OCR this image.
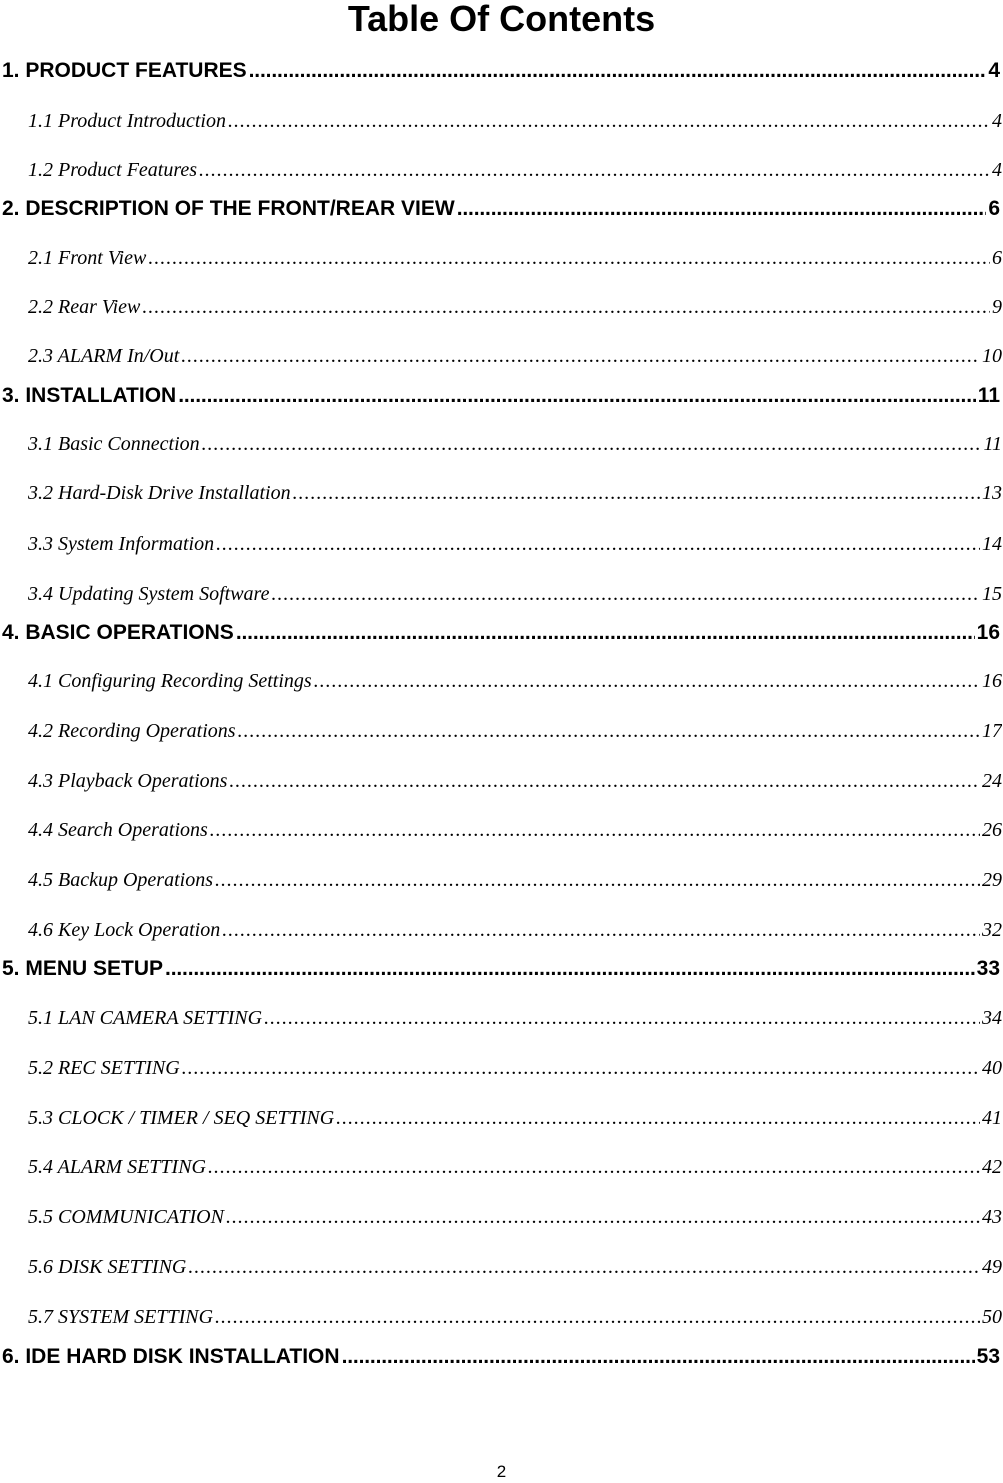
Table Of Contents
1. PRODUCT FEATURES . . .	4
1.1 Product Introduction . . .	4
1.2 Product Features . . .	4
2. DESCRIPTION OF THE FRONT/REAR VIEW . . .	6
2.1 Front View . . .	6
2.2 Rear View . . .	9
2.3 ALARM In/Out . . .	10
3. INSTALLATION . . .	11
3.1 Basic Connection . . .	11
3.2 Hard-Disk Drive Installation . . .	13
3.3 System Information . . .	14
3.4 Updating System Software . . .	15
4. BASIC OPERATIONS . . .	16
4.1 Configuring Recording Settings . . .	16
4.2 Recording Operations . . .	17
4.3 Playback Operations . . .	24
4.4 Search Operations . . .	26
4.5 Backup Operations . . .	29
4.6 Key Lock Operation . . .	32
5. MENU SETUP . . .	33
5.1 LAN CAMERA SETTING . . .	34
5.2 REC SETTING . . .	40
5.3 CLOCK / TIMER / SEQ SETTING . . .	41
5.4 ALARM SETTING . . .	42
5.5 COMMUNICATION . . .	43
5.6 DISK SETTING . . .	49
5.7 SYSTEM SETTING . . .	50
6. IDE HARD DISK INSTALLATION . . .	53
2
